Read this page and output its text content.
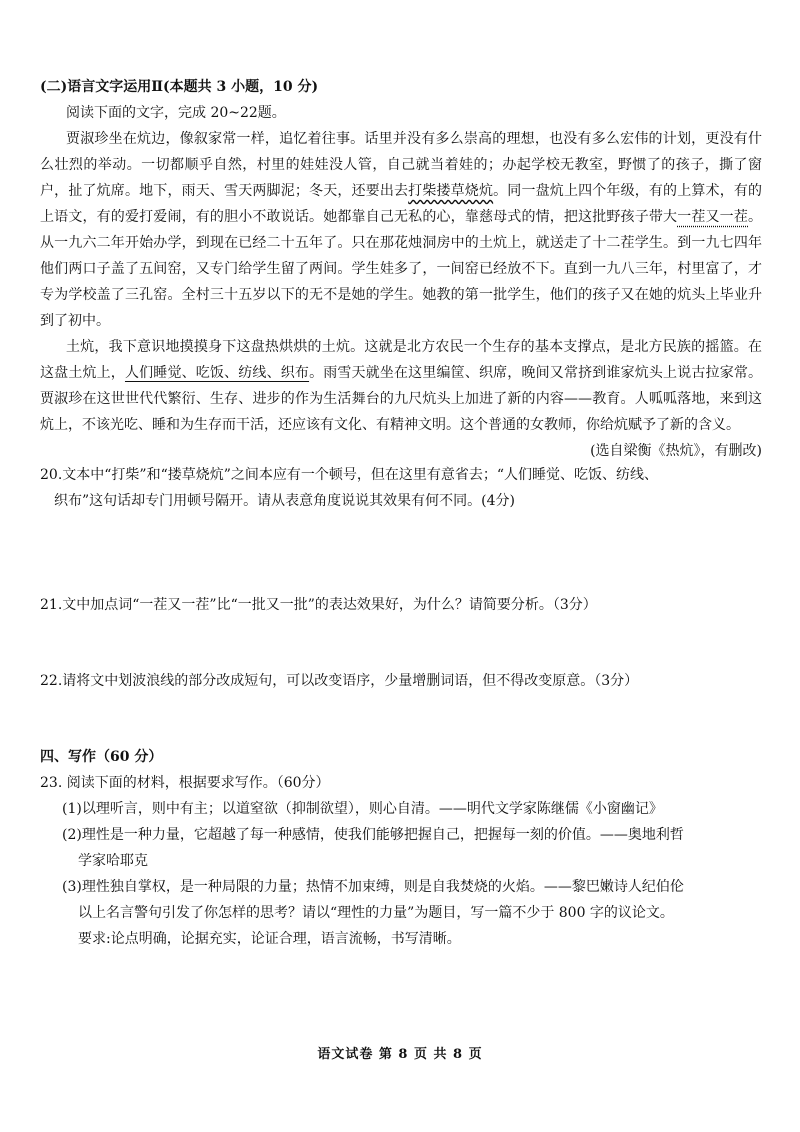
(二)语言文字运用Ⅱ(本题共 3 小题，10 分)
阅读下面的文字，完成 20~22题。
贾淑珍坐在炕边，像叙家常一样，追忆着往事。话里并没有多么崇高的理想，也没有多么宏伟的计划，更没有什么壮烈的举动。一切都顺乎自然，村里的娃娃没人管，自己就当着娃的；办起学校无教室，野惯了的孩子，撕了窗户，扯了炕席。地下，雨天、雪天两脚泥；冬天，还要出去打柴搂草烧炕。同一盘炕上四个年级，有的上算术，有的上语文，有的爱打爱闹，有的胆小不敢说话。她都靠自己无私的心，靠慈母式的情，把这批野孩子带大一茬又一茬。从一九六二年开始办学，到现在已经二十五年了。只在那花烛洞房中的土炕上，就送走了十二茬学生。到一九七四年他们两口子盖了五间窑，又专门给学生留了两间。学生娃多了，一间窑已经放不下。直到一九八三年，村里富了，才专为学校盖了三孔窑。全村三十五岁以下的无不是她的学生。她教的第一批学生，他们的孩子又在她的炕头上毕业升到了初中。
土炕，我下意识地摸摸身下这盘热烘烘的土炕。这就是北方农民一个生存的基本支撑点，是北方民族的摇篮。在这盘土炕上，人们睡觉、吃饭、纺线、织布。雨雪天就坐在这里编筐、织席，晚间又常挤到谁家炕头上说古拉家常。贾淑珍在这世世代代繁衍、生存、进步的作为生活舞台的九尺炕头上加进了新的内容——教育。人呱呱落地，来到这炕上，不该光吃、睡和为生存而干活，还应该有文化、有精神文明。这个普通的女教师，你给炕赋予了新的含义。
(选自梁衡《热炕》，有删改)
20.文本中“打柴”和“搂草烧炕”之间本应有一个顿号，但在这里有意省去；“人们睡觉、吃饭、纺线、
织布”这句话却专门用顿号隔开。请从表意角度说说其效果有何不同。(4分)
21.文中加点词“一茬又一茬”比“一批又一批”的表达效果好，为什么？请简要分析。（3分）
22.请将文中划波浪线的部分改成短句，可以改变语序，少量增删词语，但不得改变原意。（3分）
四、写作（60 分）
23. 阅读下面的材料，根据要求写作。（60分）
(1)以理听言，则中有主；以道窒欲（抑制欲望），则心自清。——明代文学家陈继儒《小窗幽记》
(2)理性是一种力量，它超越了每一种感情，使我们能够把握自己，把握每一刻的价值。——奥地利哲
学家哈耶克
(3)理性独自掌权，是一种局限的力量；热情不加束缚，则是自我焚烧的火焰。——黎巴嫩诗人纪伯伦
以上名言警句引发了你怎样的思考？请以“理性的力量”为题目，写一篇不少于 800 字的议论文。
要求:论点明确，论据充实，论证合理，语言流畅，书写清晰。
语文试卷 第 8 页 共 8 页
